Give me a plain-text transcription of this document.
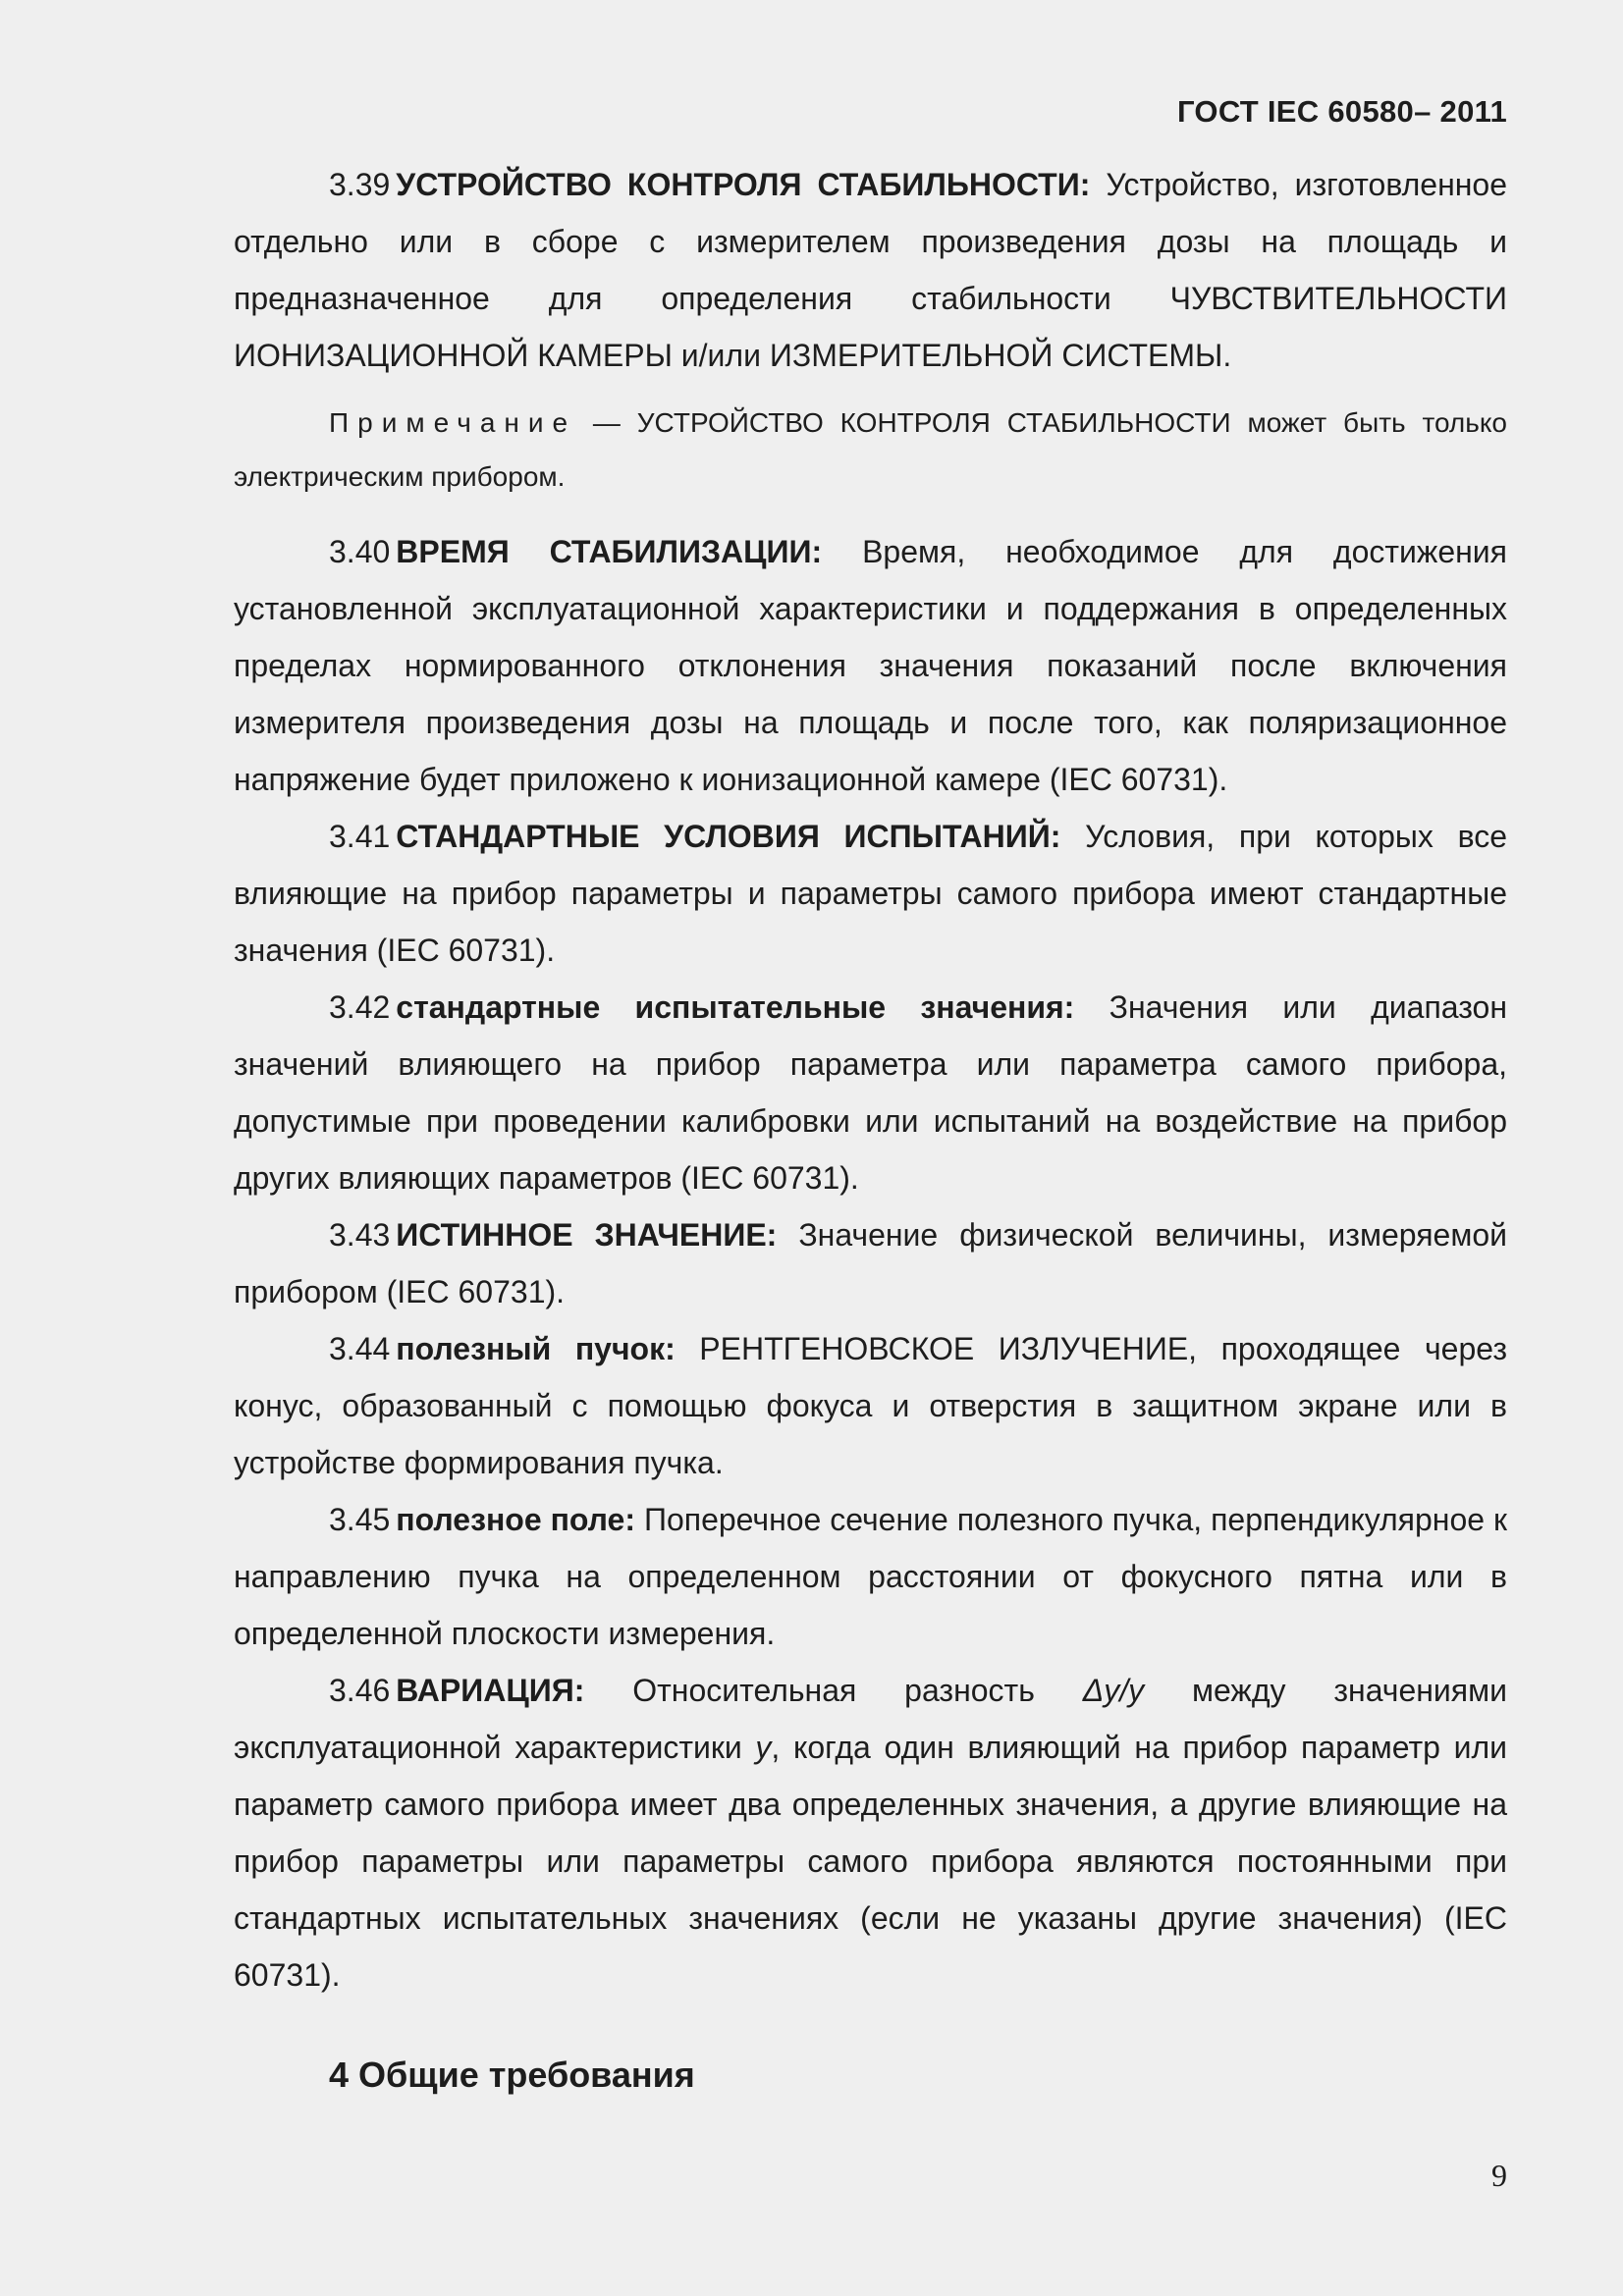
ГОСТ IEC 60580– 2011

3.39 УСТРОЙСТВО КОНТРОЛЯ СТАБИЛЬНОСТИ: Устройство, изготовленное отдельно или в сборе с измерителем произведения дозы на площадь и предназначенное для определения стабильности ЧУВСТВИТЕЛЬНОСТИ ИОНИЗАЦИОННОЙ КАМЕРЫ и/или ИЗМЕРИТЕЛЬНОЙ СИСТЕМЫ.

Примечание — УСТРОЙСТВО КОНТРОЛЯ СТАБИЛЬНОСТИ может быть только электрическим прибором.

3.40 ВРЕМЯ СТАБИЛИЗАЦИИ: Время, необходимое для достижения установленной эксплуатационной характеристики и поддержания в определенных пределах нормированного отклонения значения показаний после включения измерителя произведения дозы на площадь и после того, как поляризационное напряжение будет приложено к ионизационной камере (IEC 60731).

3.41 СТАНДАРТНЫЕ УСЛОВИЯ ИСПЫТАНИЙ: Условия, при которых все влияющие на прибор параметры и параметры самого прибора имеют стандартные значения (IEC 60731).

3.42 стандартные испытательные значения: Значения или диапазон значений влияющего на прибор параметра или параметра самого прибора, допустимые при проведении калибровки или испытаний на воздействие на прибор других влияющих параметров (IEC 60731).

3.43 ИСТИННОЕ ЗНАЧЕНИЕ: Значение физической величины, измеряемой прибором (IEC 60731).

3.44 полезный пучок: РЕНТГЕНОВСКОЕ ИЗЛУЧЕНИЕ, проходящее через конус, образованный с помощью фокуса и отверстия в защитном экране или в устройстве формирования пучка.

3.45 полезное поле: Поперечное сечение полезного пучка, перпендикулярное к направлению пучка на определенном расстоянии от фокусного пятна или в определенной плоскости измерения.

3.46 ВАРИАЦИЯ: Относительная разность Δy/y между значениями эксплуатационной характеристики y, когда один влияющий на прибор параметр или параметр самого прибора имеет два определенных значения, а другие влияющие на прибор параметры или параметры самого прибора являются постоянными при стандартных испытательных значениях (если не указаны другие значения) (IEC 60731).

4 Общие требования
9
